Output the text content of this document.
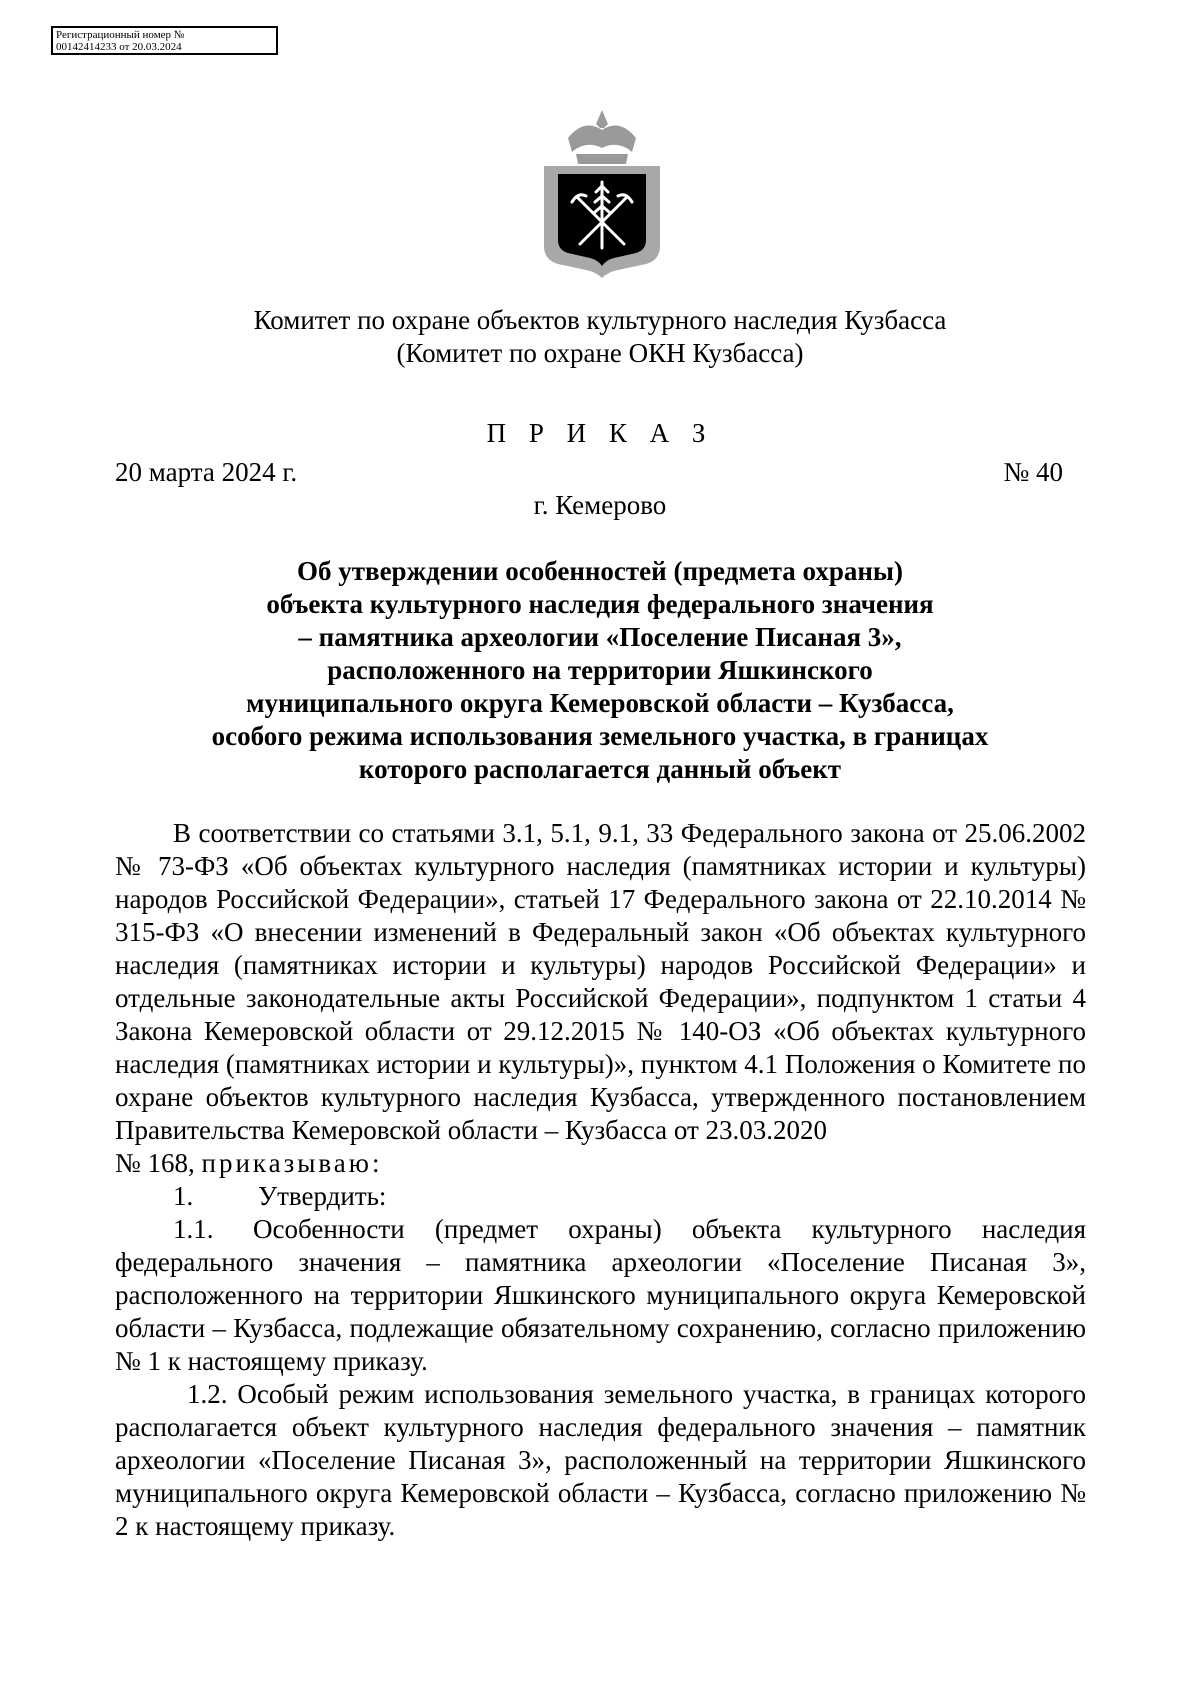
Регистрационный номер №
00142414233 от 20.03.2024
Комитет по охране объектов культурного наследия Кузбасса
(Комитет по охране ОКН Кузбасса)
П Р И К А З
20 марта 2024 г.	№ 40
г. Кемерово
Об утверждении особенностей (предмета охраны)
объекта культурного наследия федерального значения
– памятника археологии «Поселение Писаная 3»,
расположенного на территории Яшкинского
муниципального округа Кемеровской области – Кузбасса,
особого режима использования земельного участка, в границах
которого располагается данный объект

В соответствии со статьями 3.1, 5.1, 9.1, 33 Федерального закона от 25.06.2002 № 73-ФЗ «Об объектах культурного наследия (памятниках истории и культуры) народов Российской Федерации», статьей 17 Федерального закона от 22.10.2014 № 315-ФЗ «О внесении изменений в Федеральный закон «Об объектах культурного наследия (памятниках истории и культуры) народов Российской Федерации» и отдельные законодательные акты Российской Федерации», подпунктом 1 статьи 4 Закона Кемеровской области от 29.12.2015 № 140-ОЗ «Об объектах культурного наследия (памятниках истории и культуры)», пунктом 4.1 Положения о Комитете по охране объектов культурного наследия Кузбасса, утвержденного постановлением Правительства Кемеровской области – Кузбасса от 23.03.2020

№ 168, приказываю:

1. Утвердить:

1.1. Особенности (предмет охраны) объекта культурного наследия федерального значения – памятника археологии «Поселение Писаная 3», расположенного на территории Яшкинского муниципального округа Кемеровской области – Кузбасса, подлежащие обязательному сохранению, согласно приложению № 1 к настоящему приказу.

1.2. Особый режим использования земельного участка, в границах которого располагается объект культурного наследия федерального значения – памятник археологии «Поселение Писаная 3», расположенный на территории Яшкинского муниципального округа Кемеровской области – Кузбасса, согласно приложению № 2 к настоящему приказу.
